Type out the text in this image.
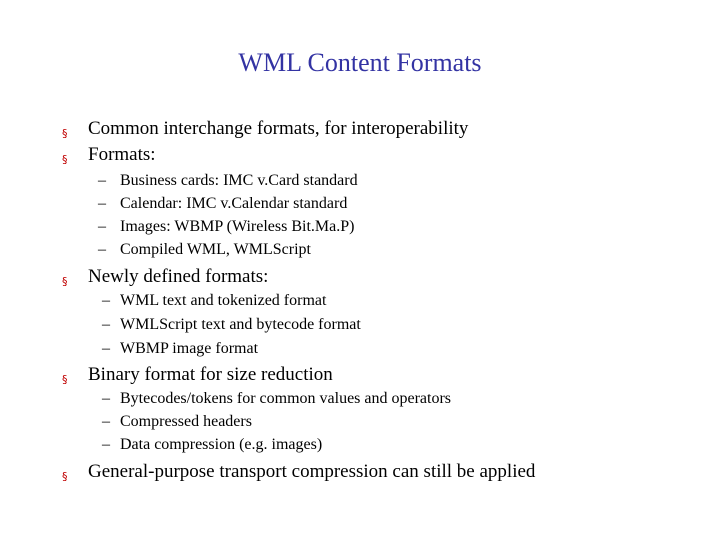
WML Content Formats
§ Common interchange formats, for interoperability
§ Formats:
– Business cards: IMC v.Card standard
– Calendar: IMC v.Calendar standard
– Images: WBMP (Wireless Bit.Ma.P)
– Compiled WML, WMLScript
§ Newly defined formats:
– WML text and tokenized format
– WMLScript text and bytecode format
– WBMP image format
§ Binary format for size reduction
– Bytecodes/tokens for common values and operators
– Compressed headers
– Data compression (e.g. images)
§ General-purpose transport compression can still be applied
